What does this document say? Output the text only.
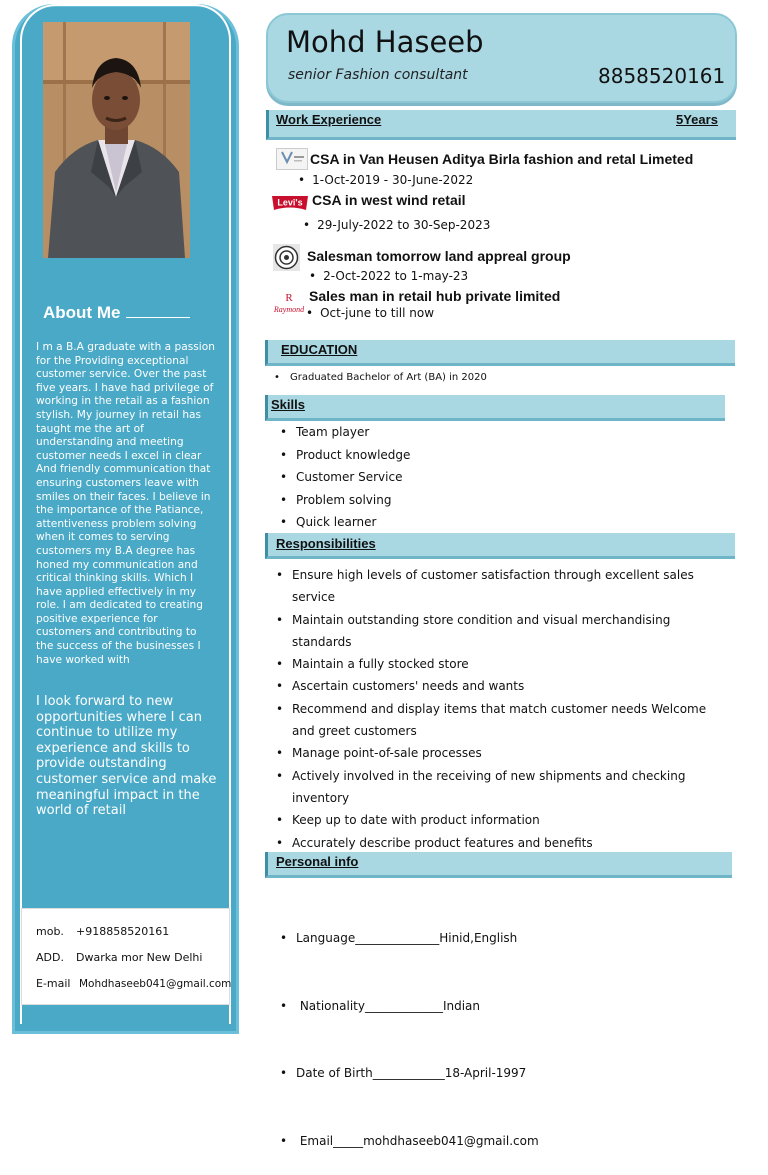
About Me
I m a B.A graduate with a passion for the Providing exceptional customer service. Over the past five years. I have had privilege of working in the retail as a fashion stylish. My journey in retail has taught me the art of understanding and meeting customer needs I excel in clear And friendly communication that ensuring customers leave with smiles on their faces. I believe in the importance of the Patiance, attentiveness problem solving when it comes to serving customers my B.A degree has honed my communication and critical thinking skills. Which I have applied effectively in my role. I am dedicated to creating positive experience for customers and contributing to the success of the businesses I have worked with
I look forward to new opportunities where I can continue to utilize my experience and skills to provide outstanding customer service and make meaningful impact in the world of retail
mob. +918858520161
ADD. Dwarka mor New Delhi
E-mail Mohdhaseeb041@gmail.com
Mohd Haseeb
senior Fashion consultant	8858520161
Work Experience	5Years
CSA in Van Heusen Aditya Birla fashion and retal Limeted
• 1-Oct-2019 - 30-June-2022
Levi's CSA in west wind retail
• 29-July-2022 to 30-Sep-2023
Salesman tomorrow land appreal group
• 2-Oct-2022 to 1-may-23
R
Raymond
Sales man in retail hub private limited
• Oct-june to till now
EDUCATION
• Graduated Bachelor of Art (BA) in 2020
Skills
• Team player
• Product knowledge
• Customer Service
• Problem solving
• Quick learner
Responsibilities
• Ensure high levels of customer satisfaction through excellent sales service
• Maintain outstanding store condition and visual merchandising standards
• Maintain a fully stocked store
• Ascertain customers' needs and wants
• Recommend and display items that match customer needs Welcome and greet customers
• Manage point-of-sale processes
• Actively involved in the receiving of new shipments and checking inventory
• Keep up to date with product information
• Accurately describe product features and benefits
Personal info

• Language______________Hinid,English

•  Nationality_____________Indian

• Date of Birth____________18-April-1997

•  Email_____mohdhaseeb041@gmail.com
